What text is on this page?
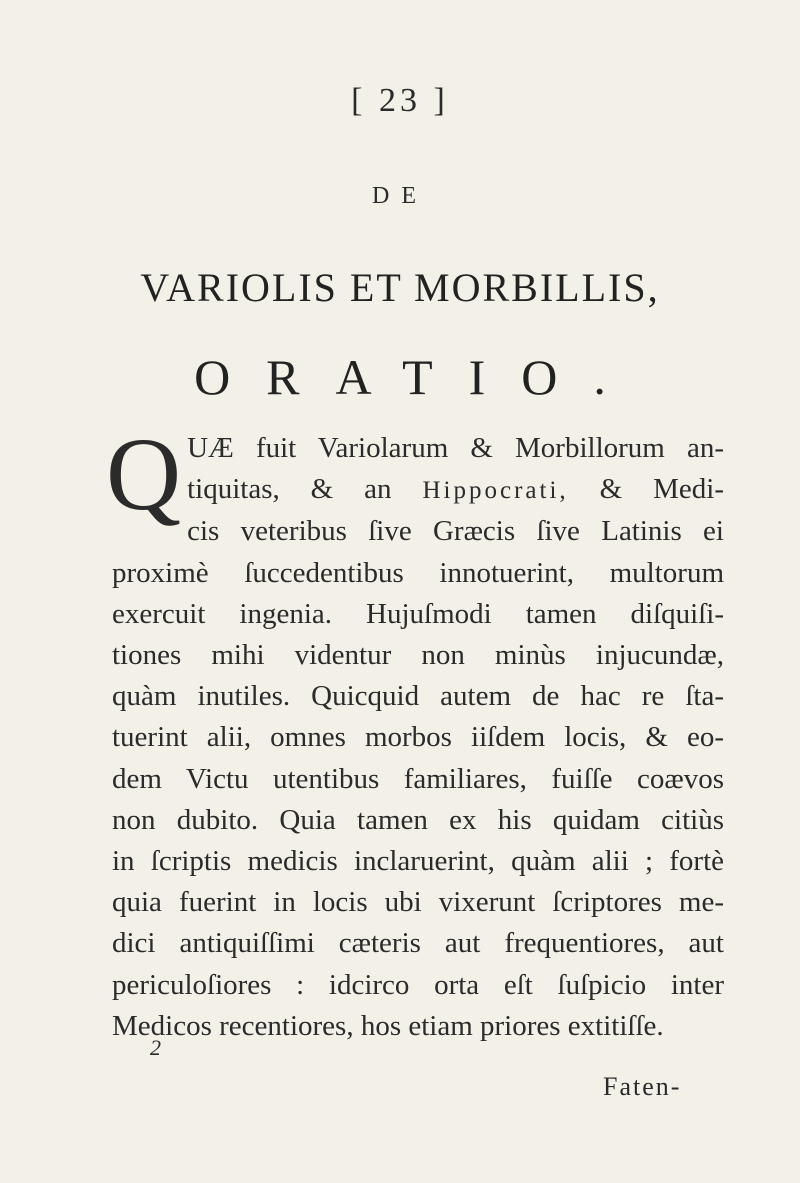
[ 23 ]
DE
VARIOLIS ET MORBILLIS,
ORATIO.
Q UÆ fuit Variolarum & Morbillorum an-
tiquitas, & an Hippocrati, & Medi-
cis veteribus ſive Græcis ſive Latinis ei
proximè ſuccedentibus innotuerint, multorum
exercuit ingenia. Hujuſmodi tamen diſquiſi-
tiones mihi videntur non minùs injucundæ,
quàm inutiles. Quicquid autem de hac re ſta-
tuerint alii, omnes morbos iiſdem locis, & eo-
dem Victu utentibus familiares, fuiſſe coævos
non dubito. Quia tamen ex his quidam citiùs
in ſcriptis medicis inclaruerint, quàm alii ; fortè
quia fuerint in locis ubi vixerunt ſcriptores me-
dici antiquiſſimi cæteris aut frequentiores, aut
periculoſiores : idcirco orta eſt ſuſpicio inter
Medicos recentiores, hos etiam priores extitiſſe.
2
Faten-
